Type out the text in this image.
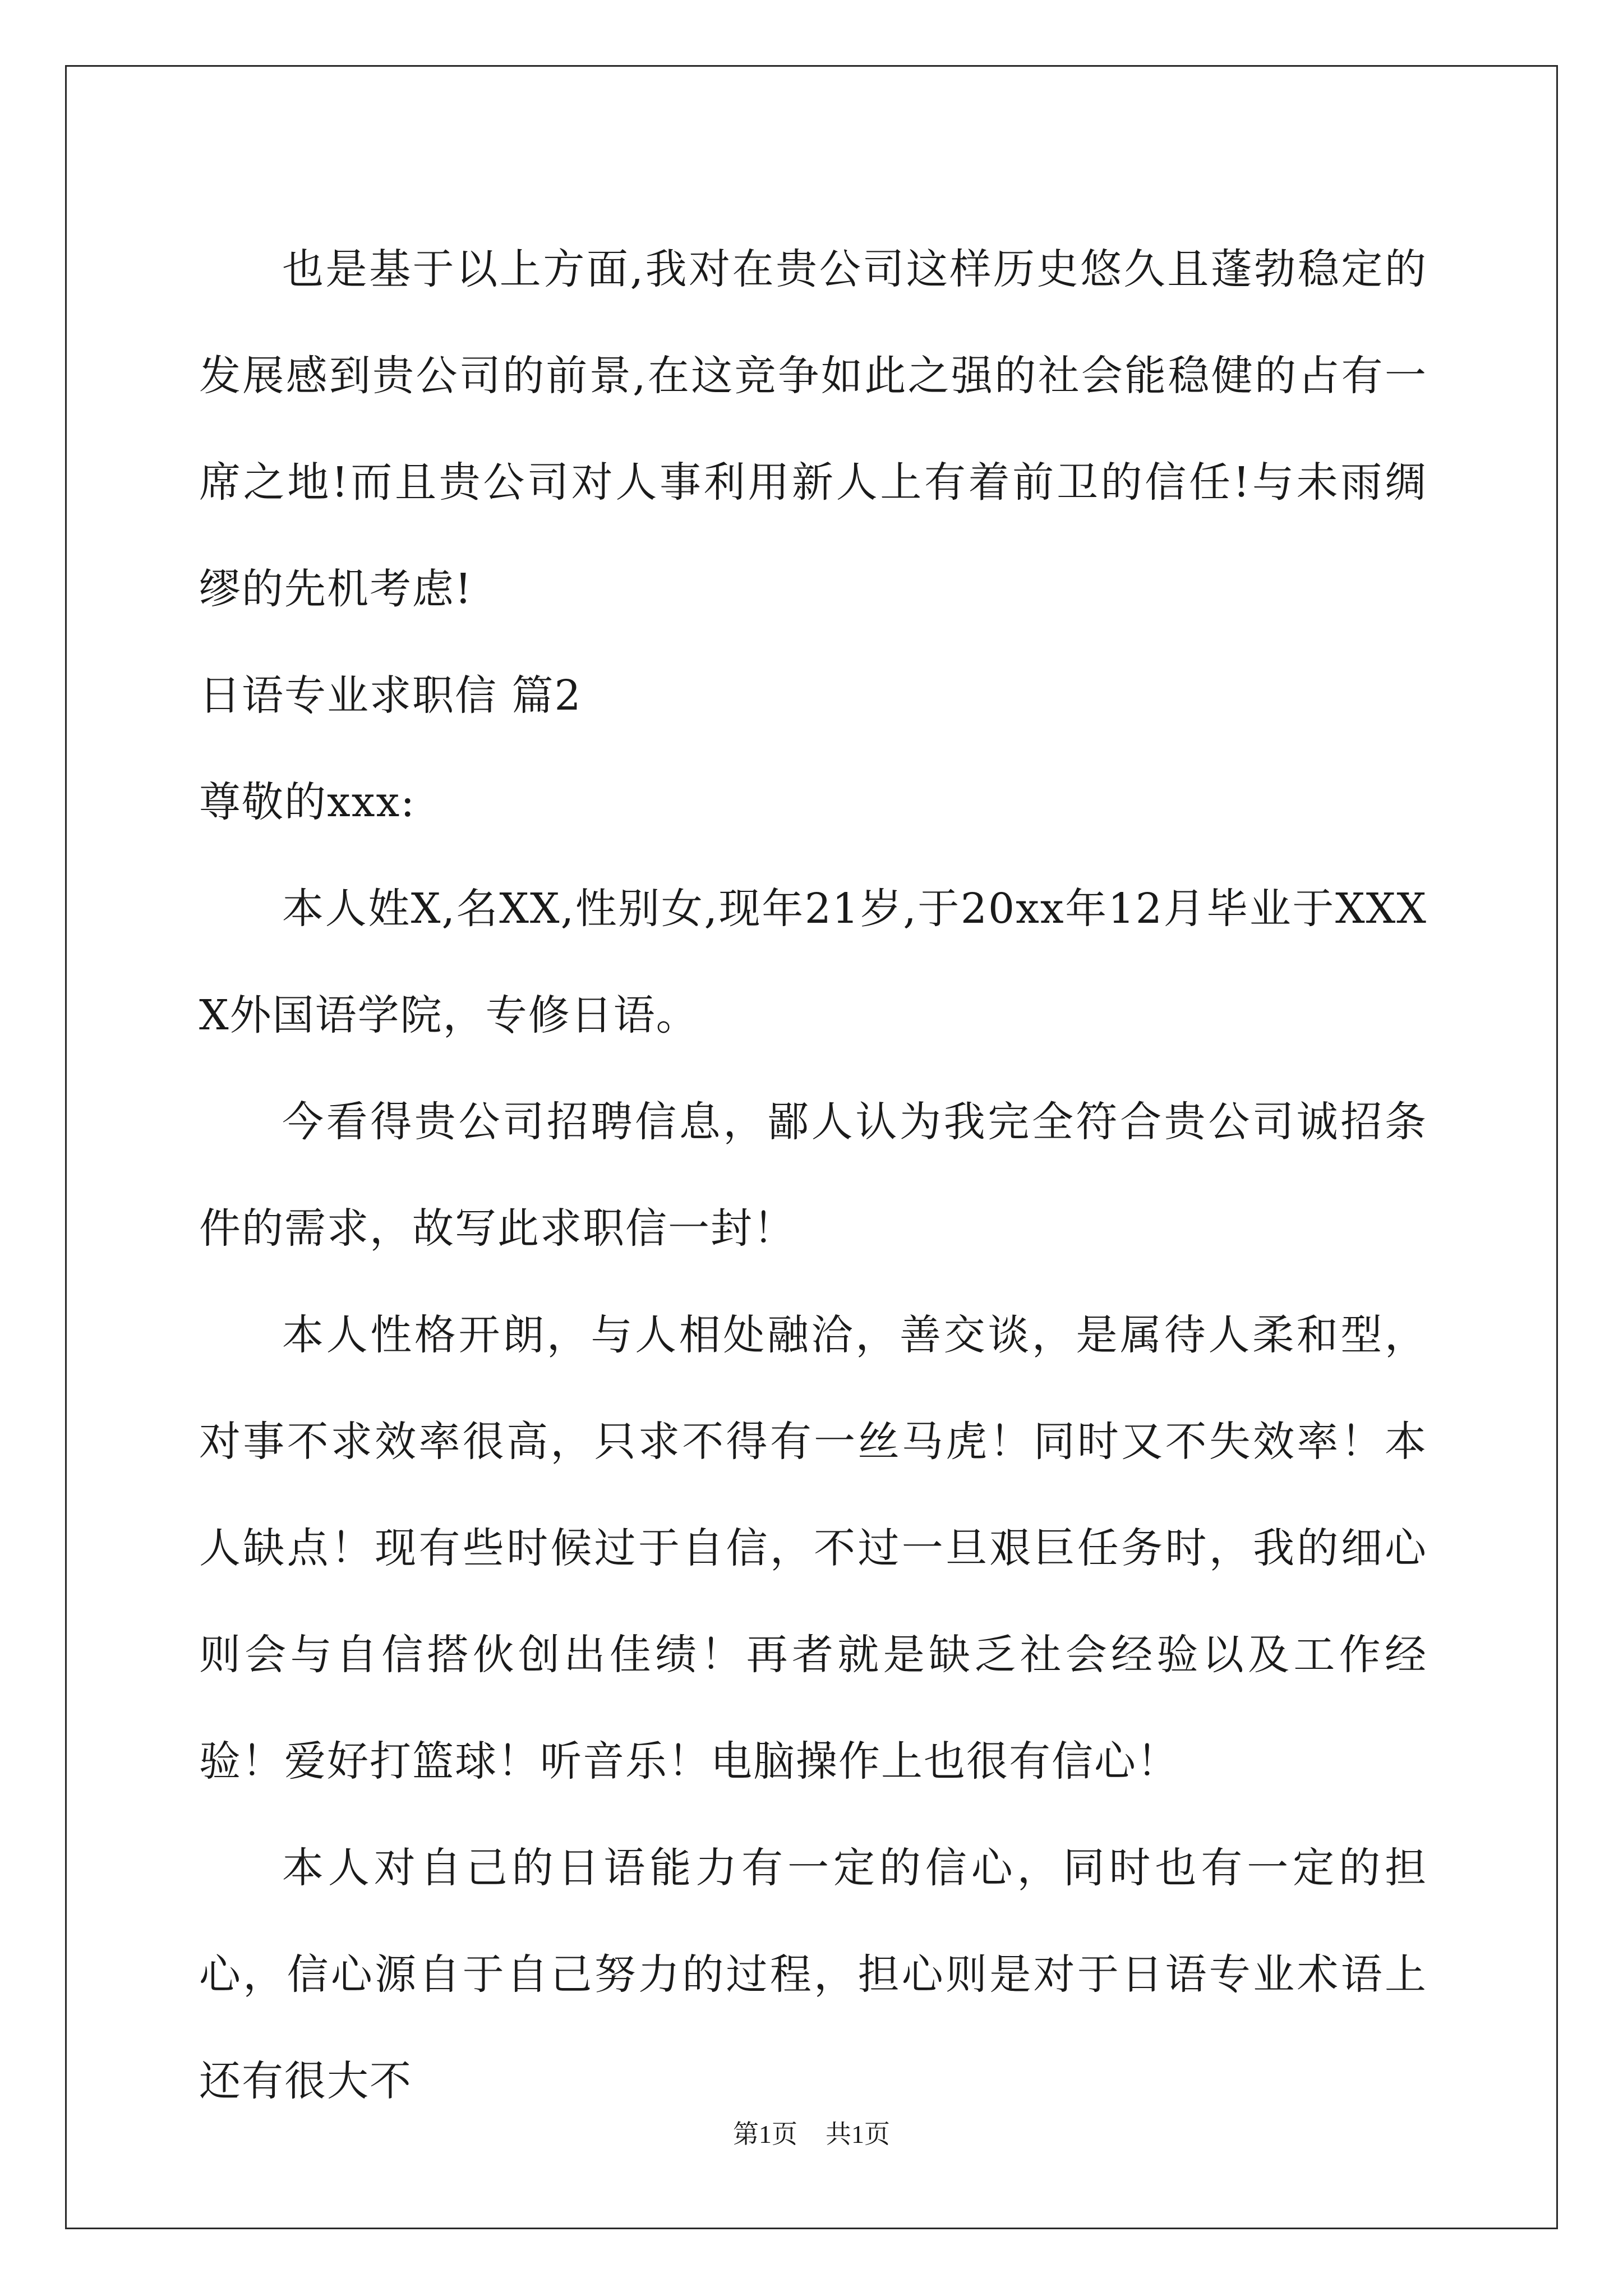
也是基于以上方面,我对在贵公司这样历史悠久且蓬勃稳定的发展感到贵公司的前景,在这竞争如此之强的社会能稳健的占有一席之地!而且贵公司对人事利用新人上有着前卫的信任!与未雨绸缪的先机考虑!

日语专业求职信 篇2

尊敬的xxx:

本人姓X,名XX,性别女,现年21岁,于20xx年12月毕业于XXXX外国语学院，专修日语。

今看得贵公司招聘信息，鄙人认为我完全符合贵公司诚招条件的需求，故写此求职信一封！

本人性格开朗，与人相处融洽，善交谈，是属待人柔和型，对事不求效率很高，只求不得有一丝马虎！同时又不失效率！本人缺点！现有些时候过于自信，不过一旦艰巨任务时，我的细心则会与自信搭伙创出佳绩！再者就是缺乏社会经验以及工作经验！爱好打篮球！听音乐！电脑操作上也很有信心！

本人对自己的日语能力有一定的信心，同时也有一定的担心，信心源自于自己努力的过程，担心则是对于日语专业术语上还有很大不

第1页 共1页
